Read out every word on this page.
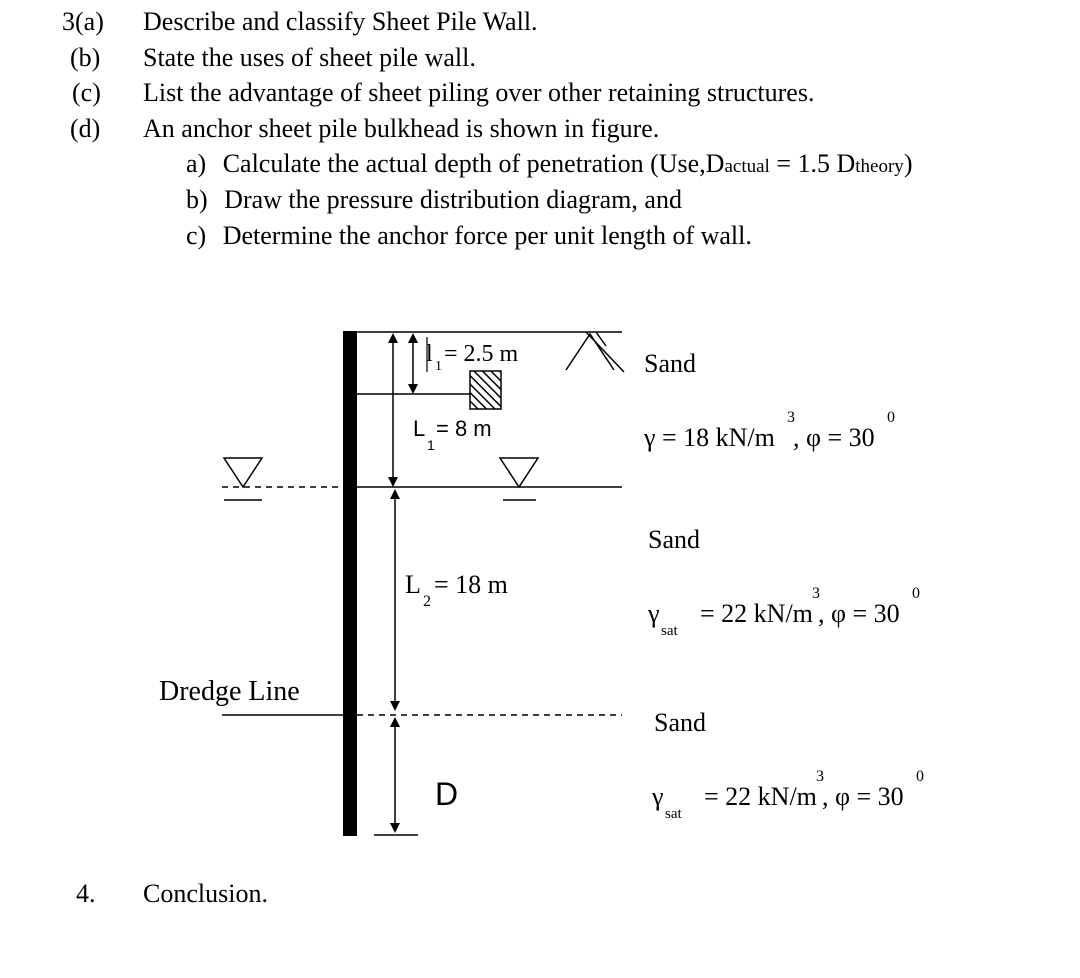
3(a) Describe and classify Sheet Pile Wall.
(b) State the uses of sheet pile wall.
(c) List the advantage of sheet piling over other retaining structures.
(d) An anchor sheet pile bulkhead is shown in figure.
a) Calculate the actual depth of penetration (Use,Dactual = 1.5 Dtheory)
b) Draw the pressure distribution diagram, and
c) Determine the anchor force per unit length of wall.
l 1 = 2.5 m
L
1
= 8 m
L
2
= 18 m
Dredge Line
D
Sand
γ = 18 kN/m
3
, φ = 30
0
Sand
γ
sat
= 22 kN/m
3
, φ = 30
0
Sand
γ
sat
= 22 kN/m
3
, φ = 30
0
4. Conclusion.
